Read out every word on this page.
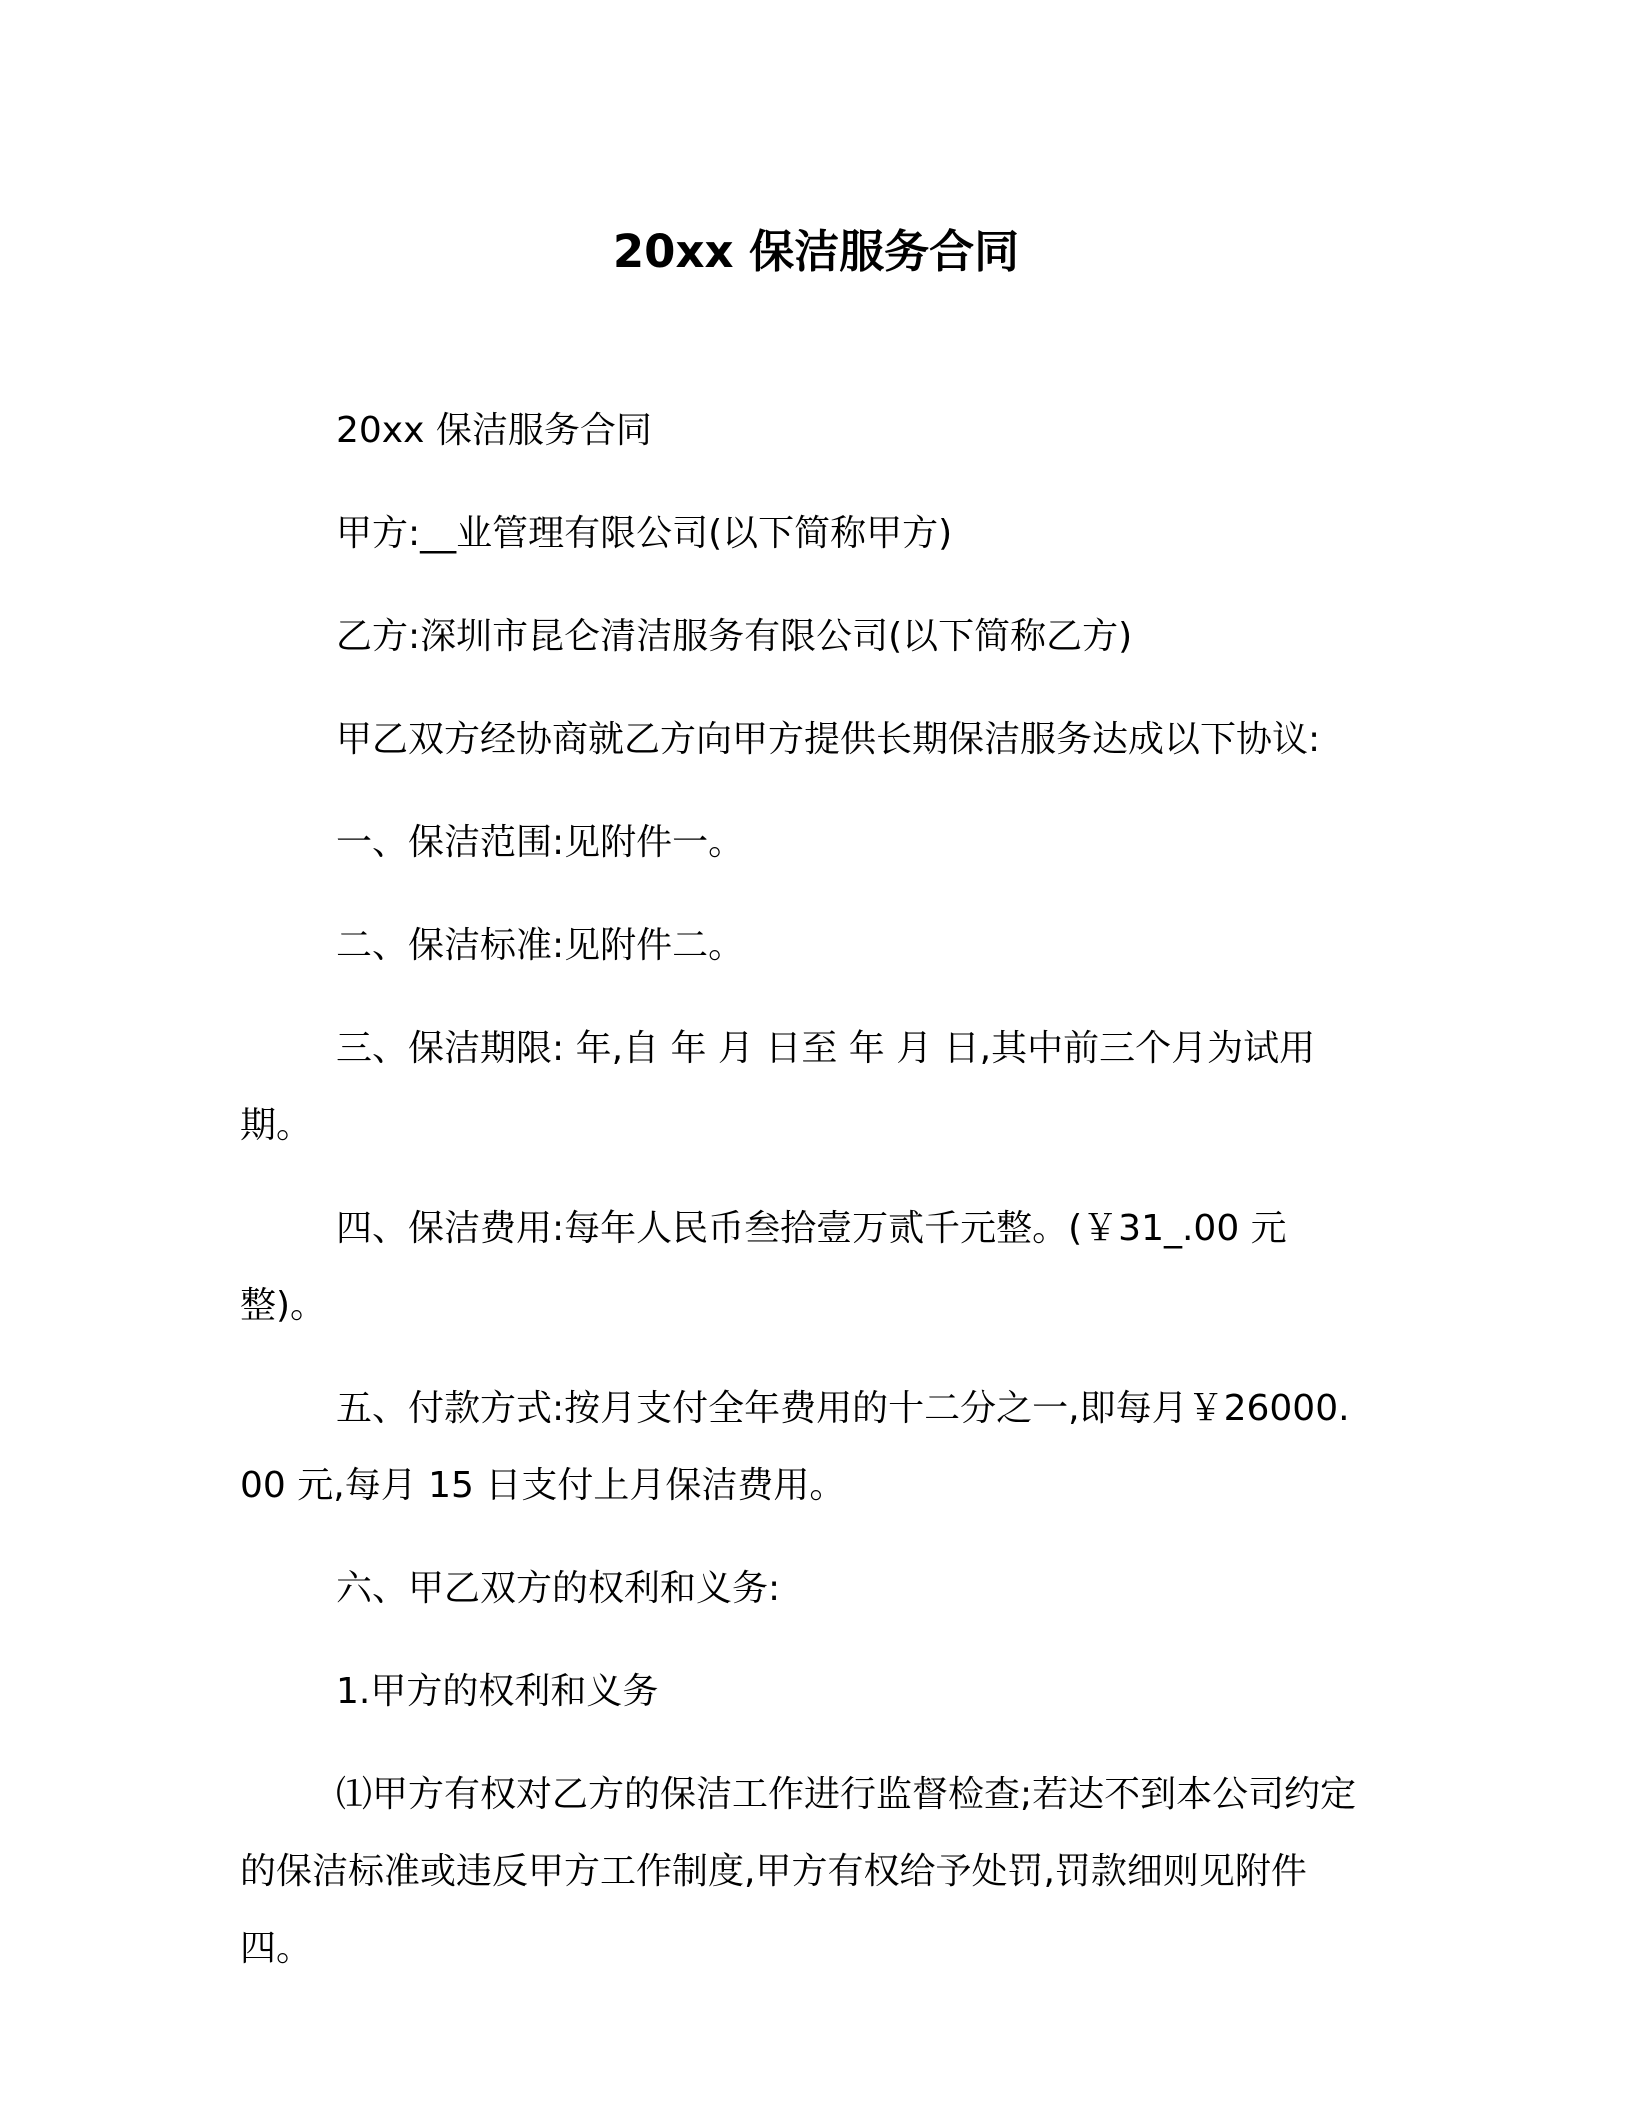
20xx 保洁服务合同

20xx 保洁服务合同

甲方:__业管理有限公司(以下简称甲方)

乙方:深圳市昆仑清洁服务有限公司(以下简称乙方)

甲乙双方经协商就乙方向甲方提供长期保洁服务达成以下协议:

一、保洁范围:见附件一。

二、保洁标准:见附件二。

三、保洁期限: 年,自 年 月 日至 年 月 日,其中前三个月为试用期。

四、保洁费用:每年人民币叁拾壹万贰千元整。(￥31_.00 元整)。

五、付款方式:按月支付全年费用的十二分之一,即每月￥26000.00 元,每月 15 日支付上月保洁费用。

六、甲乙双方的权利和义务:

1.甲方的权利和义务

⑴甲方有权对乙方的保洁工作进行监督检查;若达不到本公司约定的保洁标准或违反甲方工作制度,甲方有权给予处罚,罚款细则见附件四。
